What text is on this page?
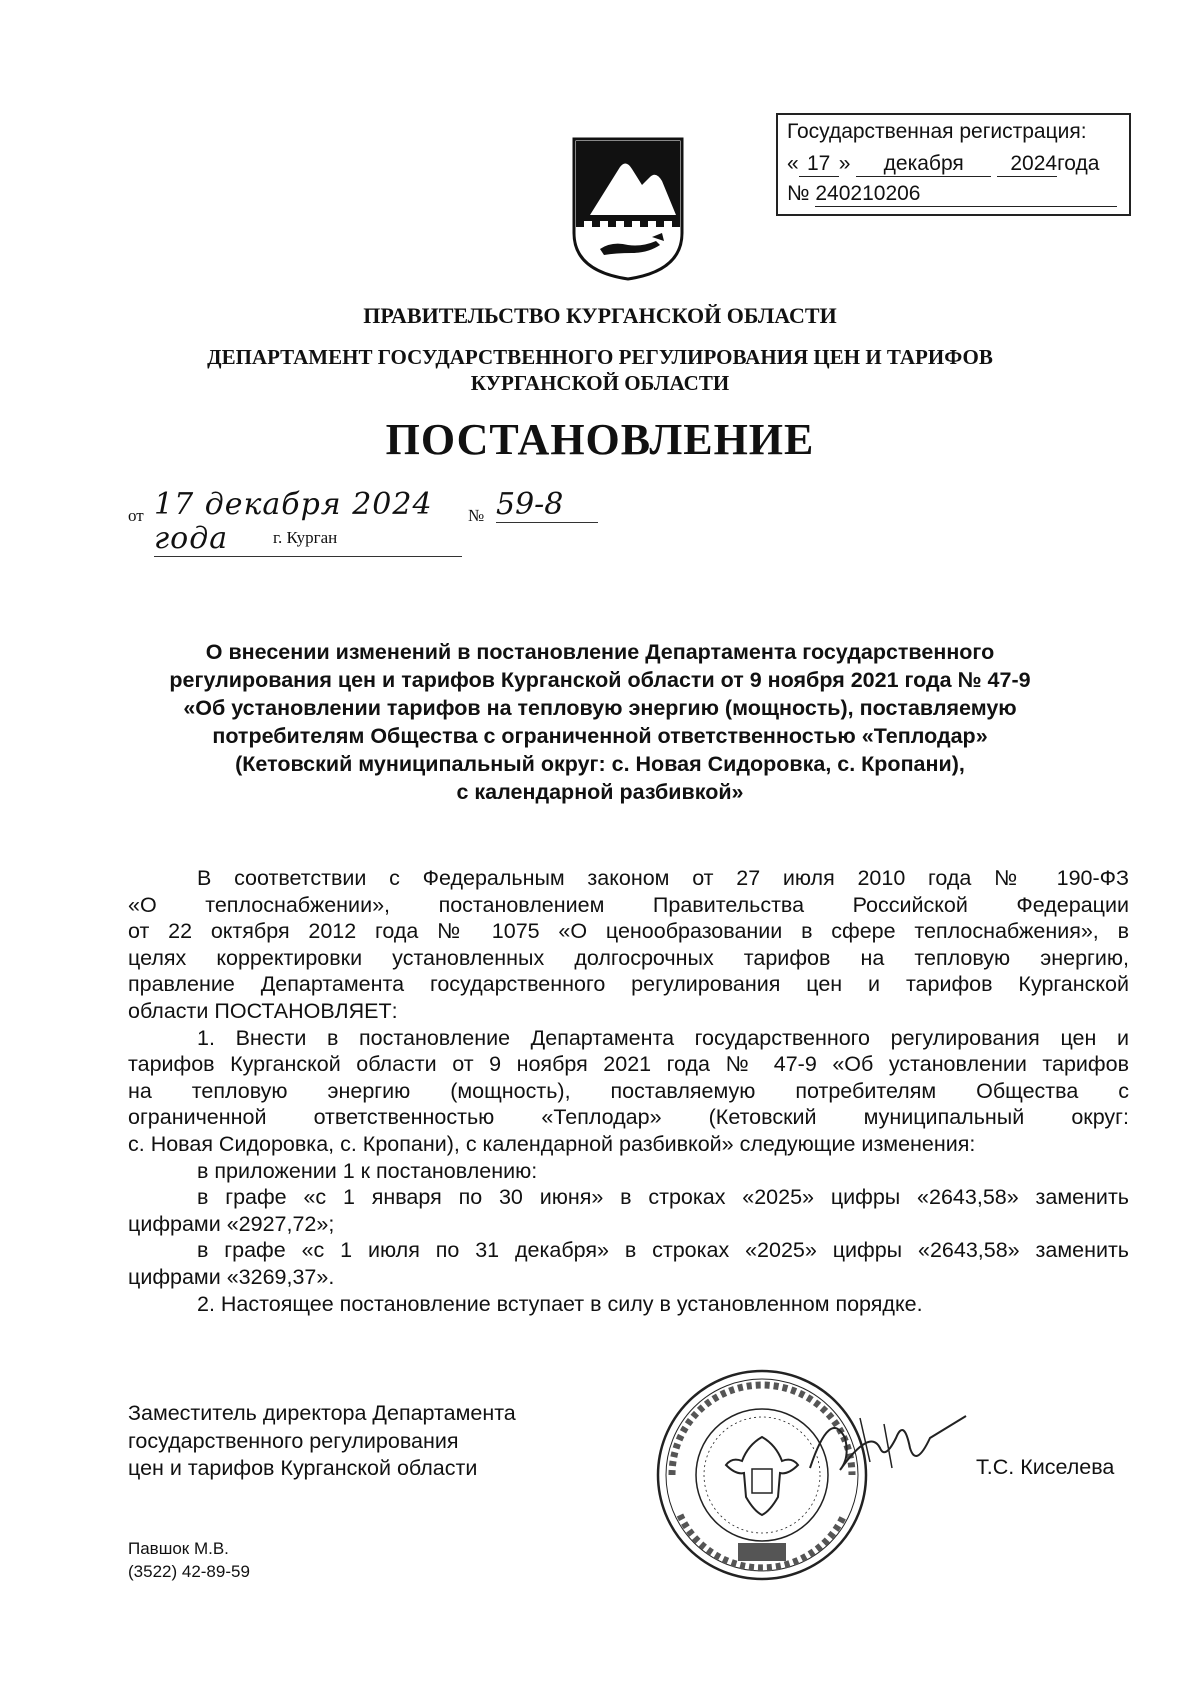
Государственная регистрация:
« 17 » декабря 2024года
№ 240210206
ПРАВИТЕЛЬСТВО КУРГАНСКОЙ ОБЛАСТИ
ДЕПАРТАМЕНТ ГОСУДАРСТВЕННОГО РЕГУЛИРОВАНИЯ ЦЕН И ТАРИФОВ
КУРГАНСКОЙ ОБЛАСТИ
ПОСТАНОВЛЕНИЕ
от 17 декабря 2024 года
№ 59-8
г. Курган
О внесении изменений в постановление Департамента государственного
регулирования цен и тарифов Курганской области от 9 ноября 2021 года № 47-9
«Об установлении тарифов на тепловую энергию (мощность), поставляемую
потребителям Общества с ограниченной ответственностью «Теплодар»
(Кетовский муниципальный округ: с. Новая Сидоровка, с. Кропани),
с календарной разбивкой»
В соответствии с Федеральным законом от 27 июля 2010 года № 190-ФЗ
«О теплоснабжении», постановлением Правительства Российской Федерации
от 22 октября 2012 года № 1075 «О ценообразовании в сфере теплоснабжения», в
целях корректировки установленных долгосрочных тарифов на тепловую энергию,
правление Департамента государственного регулирования цен и тарифов Курганской
области ПОСТАНОВЛЯЕТ:
1. Внести в постановление Департамента государственного регулирования цен и
тарифов Курганской области от 9 ноября 2021 года № 47-9 «Об установлении тарифов
на тепловую энергию (мощность), поставляемую потребителям Общества с
ограниченной ответственностью «Теплодар» (Кетовский муниципальный округ:
с. Новая Сидоровка, с. Кропани), с календарной разбивкой» следующие изменения:
в приложении 1 к постановлению:
в графе «с 1 января по 30 июня» в строках «2025» цифры «2643,58» заменить
цифрами «2927,72»;
в графе «с 1 июля по 31 декабря» в строках «2025» цифры «2643,58» заменить
цифрами «3269,37».
2. Настоящее постановление вступает в силу в установленном порядке.
Заместитель директора Департамента
государственного регулирования
цен и тарифов Курганской области	Т.С. Киселева
Павшок М.В.
(3522) 42-89-59
